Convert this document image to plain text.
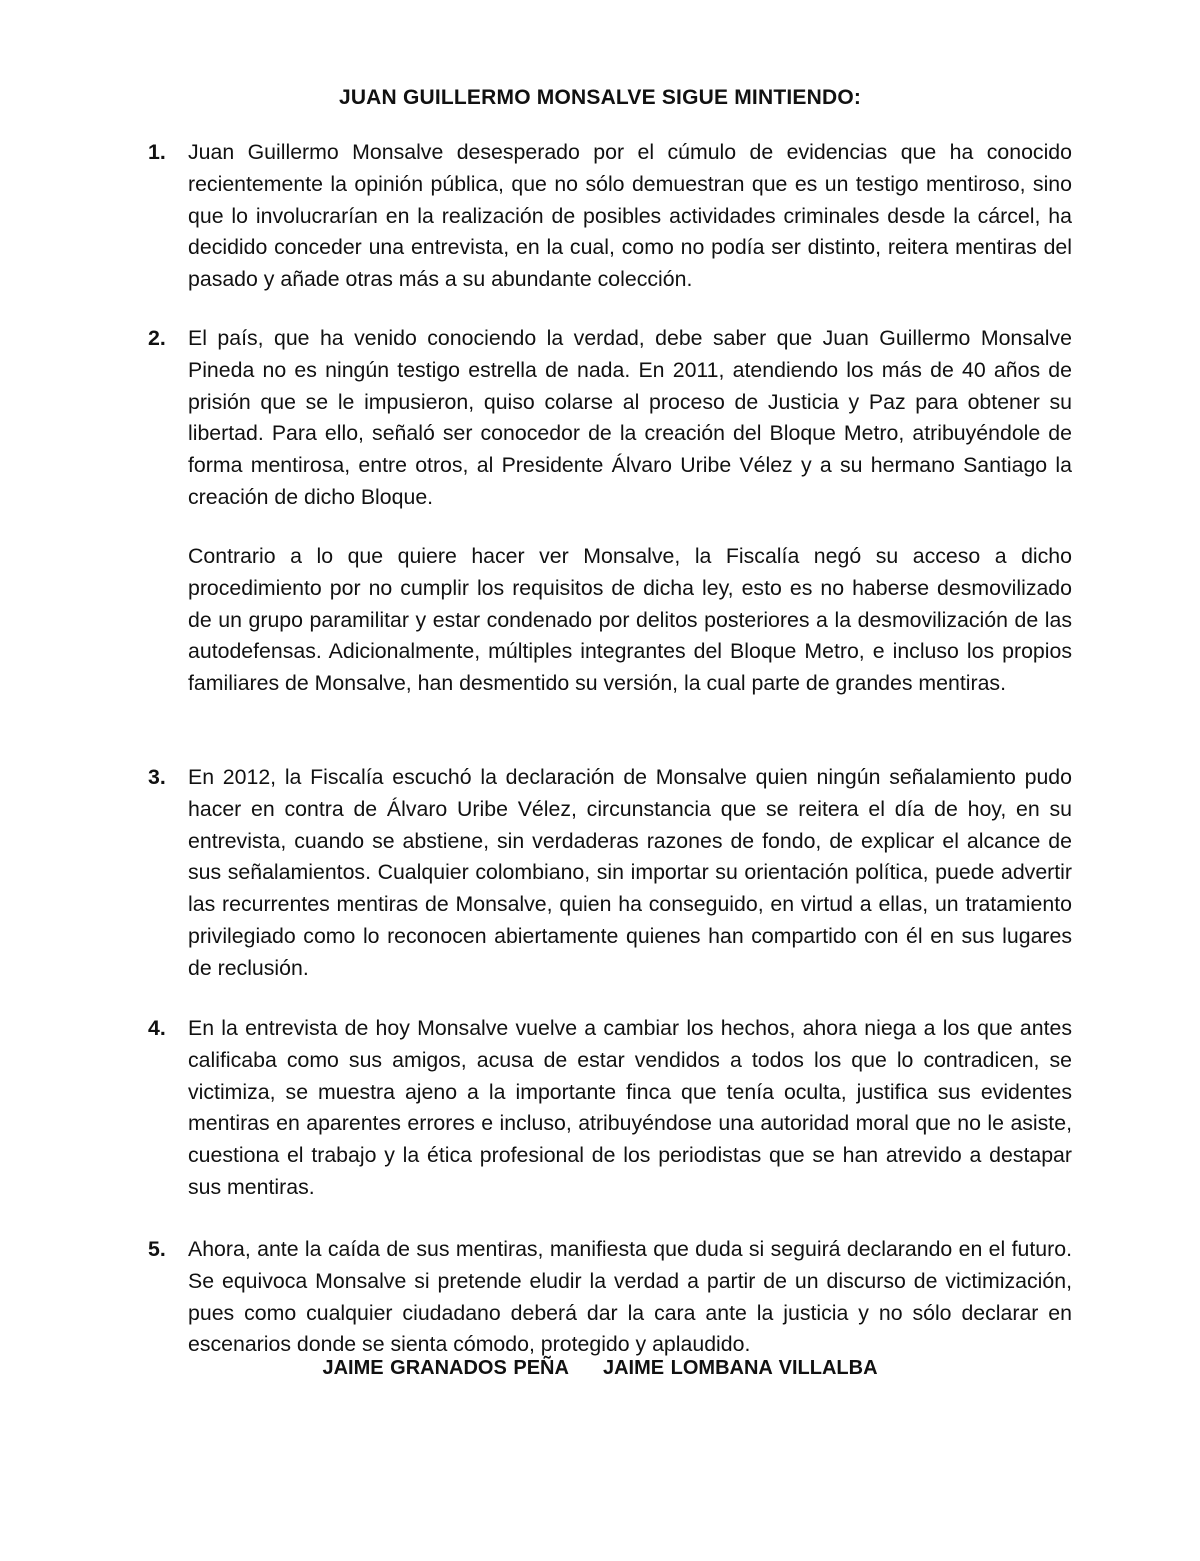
JUAN GUILLERMO MONSALVE SIGUE MINTIENDO:
1. Juan Guillermo Monsalve desesperado por el cúmulo de evidencias que ha conocido recientemente la opinión pública, que no sólo demuestran que es un testigo mentiroso, sino que lo involucrarían en la realización de posibles actividades criminales desde la cárcel, ha decidido conceder una entrevista, en la cual, como no podía ser distinto, reitera mentiras del pasado y añade otras más a su abundante colección.

2. El país, que ha venido conociendo la verdad, debe saber que Juan Guillermo Monsalve Pineda no es ningún testigo estrella de nada. En 2011, atendiendo los más de 40 años de prisión que se le impusieron, quiso colarse al proceso de Justicia y Paz para obtener su libertad. Para ello, señaló ser conocedor de la creación del Bloque Metro, atribuyéndole de forma mentirosa, entre otros, al Presidente Álvaro Uribe Vélez y a su hermano Santiago la creación de dicho Bloque.

Contrario a lo que quiere hacer ver Monsalve, la Fiscalía negó su acceso a dicho procedimiento por no cumplir los requisitos de dicha ley, esto es no haberse desmovilizado de un grupo paramilitar y estar condenado por delitos posteriores a la desmovilización de las autodefensas. Adicionalmente, múltiples integrantes del Bloque Metro, e incluso los propios familiares de Monsalve, han desmentido su versión, la cual parte de grandes mentiras.

3. En 2012, la Fiscalía escuchó la declaración de Monsalve quien ningún señalamiento pudo hacer en contra de Álvaro Uribe Vélez, circunstancia que se reitera el día de hoy, en su entrevista, cuando se abstiene, sin verdaderas razones de fondo, de explicar el alcance de sus señalamientos. Cualquier colombiano, sin importar su orientación política, puede advertir las recurrentes mentiras de Monsalve, quien ha conseguido, en virtud a ellas, un tratamiento privilegiado como lo reconocen abiertamente quienes han compartido con él en sus lugares de reclusión.

4. En la entrevista de hoy Monsalve vuelve a cambiar los hechos, ahora niega a los que antes calificaba como sus amigos, acusa de estar vendidos a todos los que lo contradicen, se victimiza, se muestra ajeno a la importante finca que tenía oculta, justifica sus evidentes mentiras en aparentes errores e incluso, atribuyéndose una autoridad moral que no le asiste, cuestiona el trabajo y la ética profesional de los periodistas que se han atrevido a destapar sus mentiras.

5. Ahora, ante la caída de sus mentiras, manifiesta que duda si seguirá declarando en el futuro. Se equivoca Monsalve si pretende eludir la verdad a partir de un discurso de victimización, pues como cualquier ciudadano deberá dar la cara ante la justicia y no sólo declarar en escenarios donde se sienta cómodo, protegido y aplaudido.

JAIME GRANADOS PEÑA JAIME LOMBANA VILLALBA
